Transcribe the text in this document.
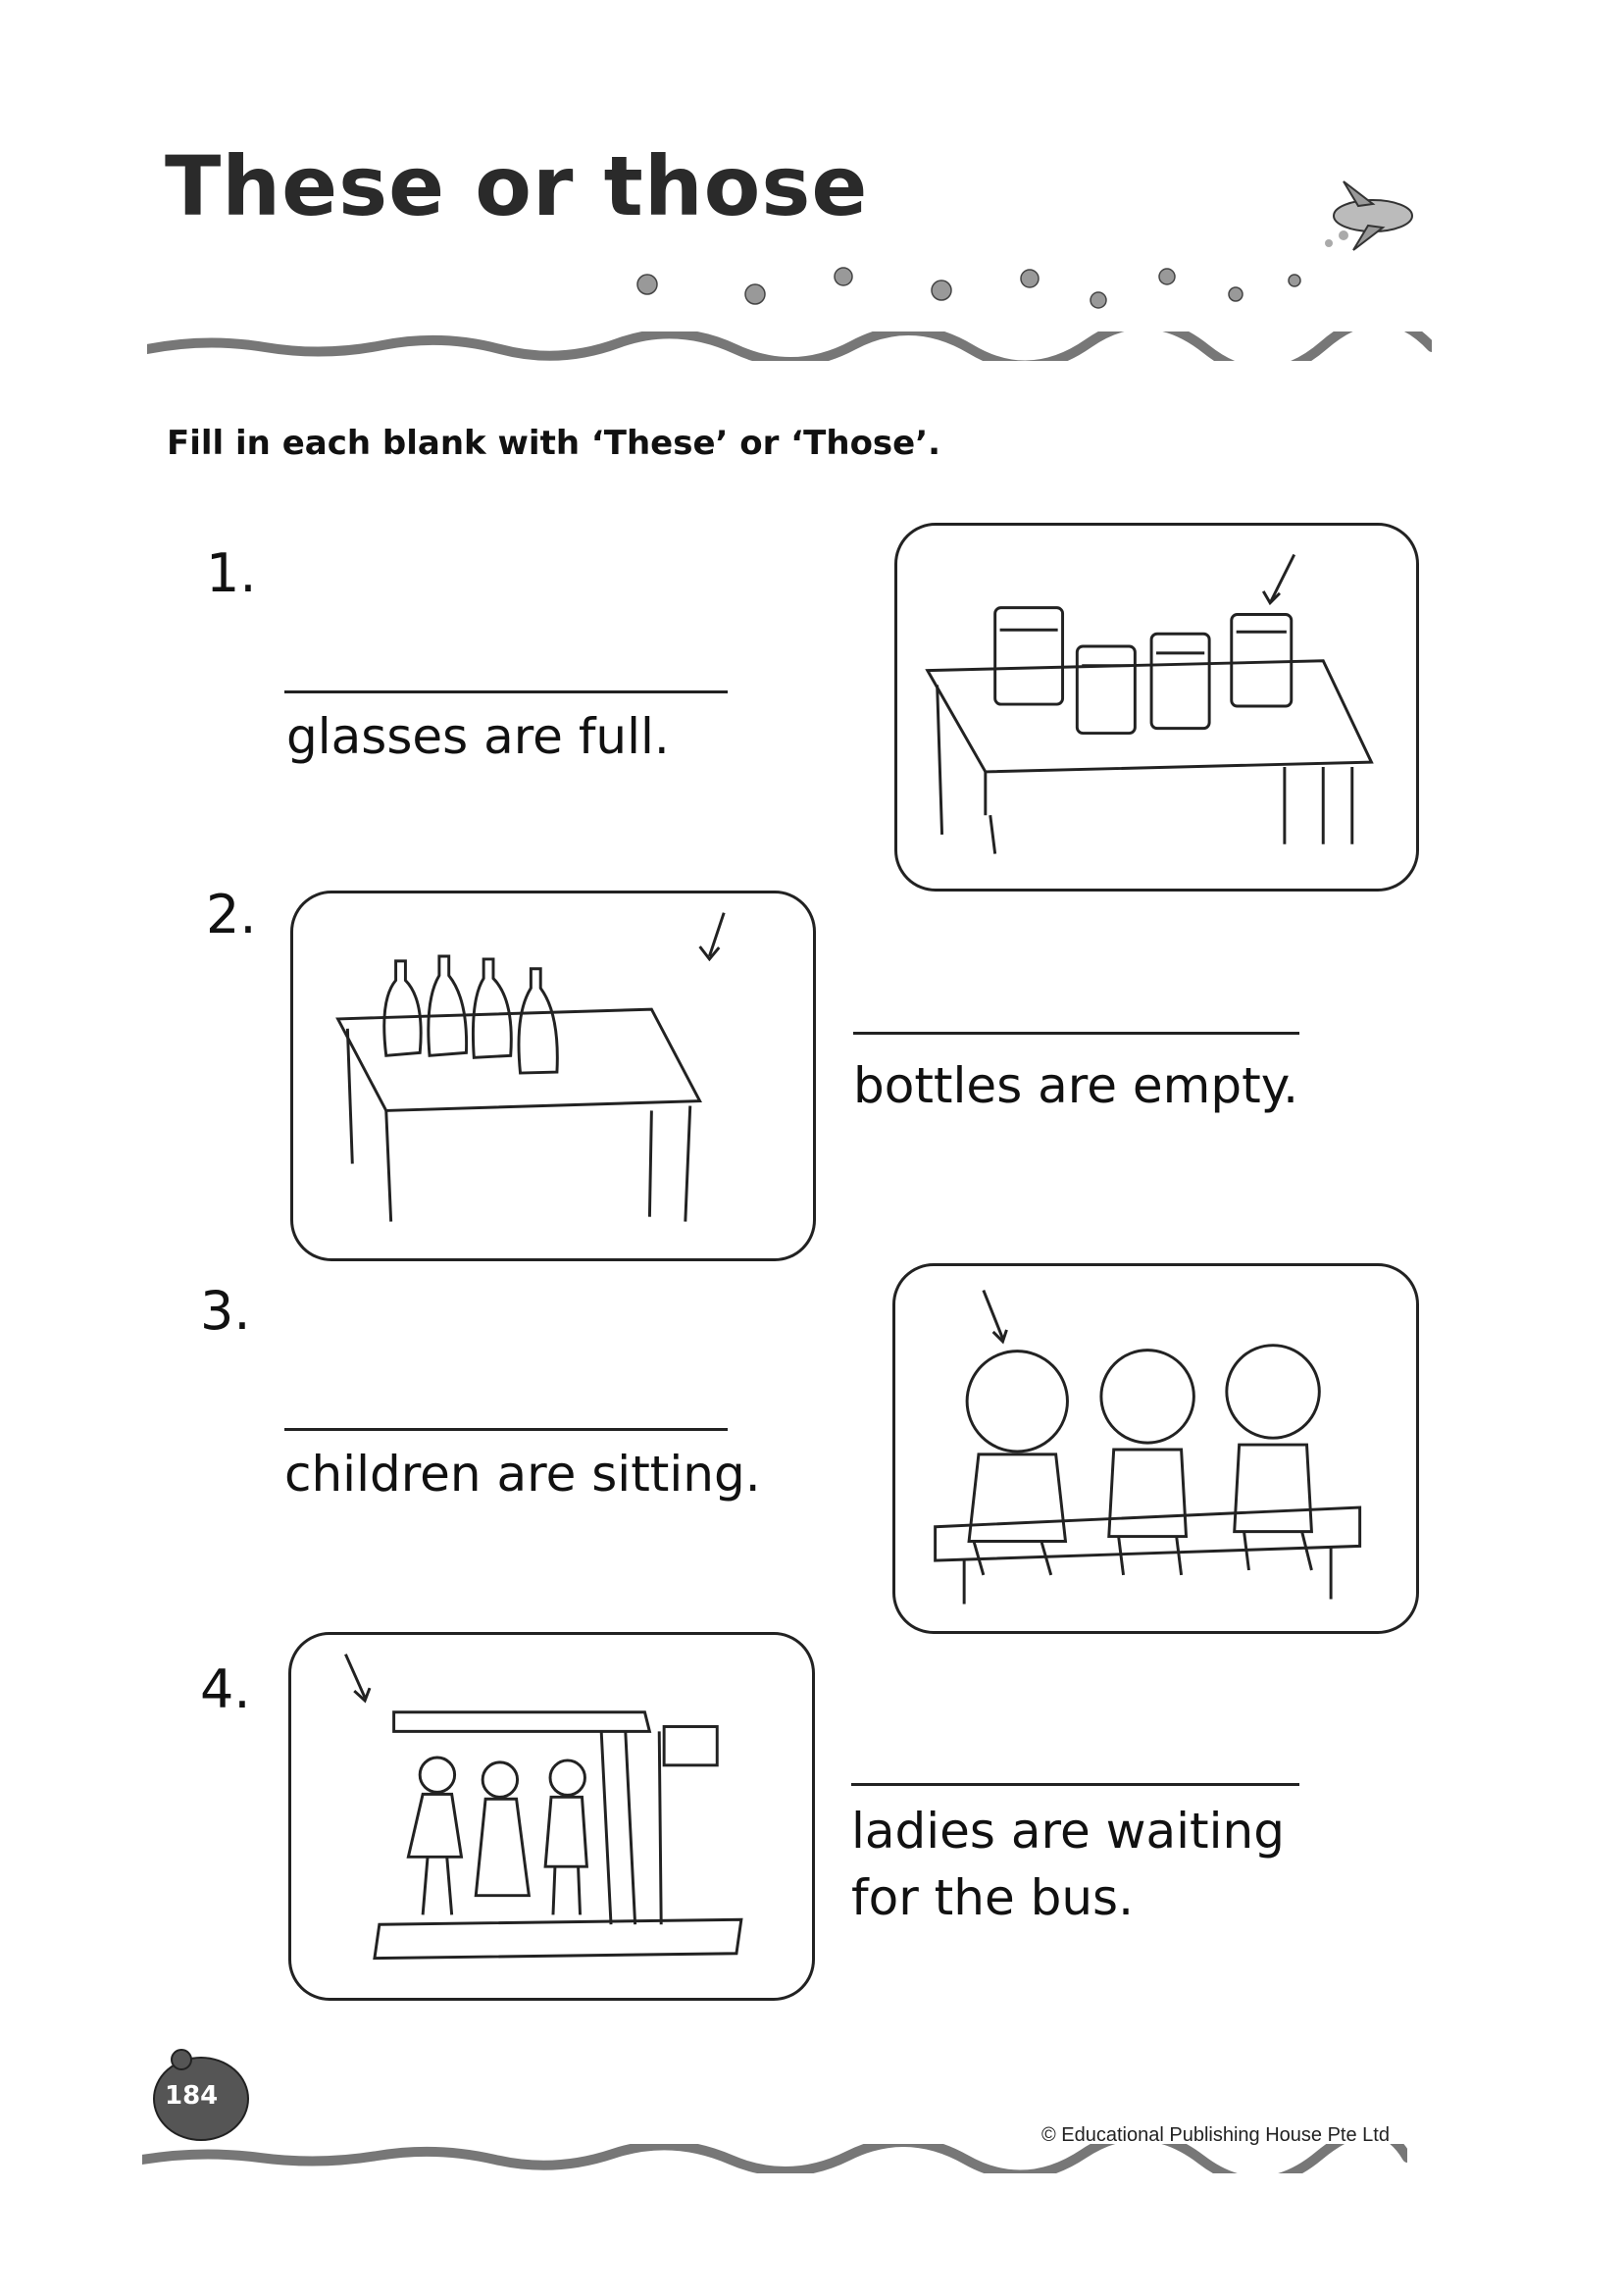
These or those
Fill in each blank with ‘These’ or ‘Those’.
1.
glasses are full.
2.
bottles are empty.
3.
children are sitting.
4.
ladies are waiting
for the bus.
184
© Educational Publishing House Pte Ltd
